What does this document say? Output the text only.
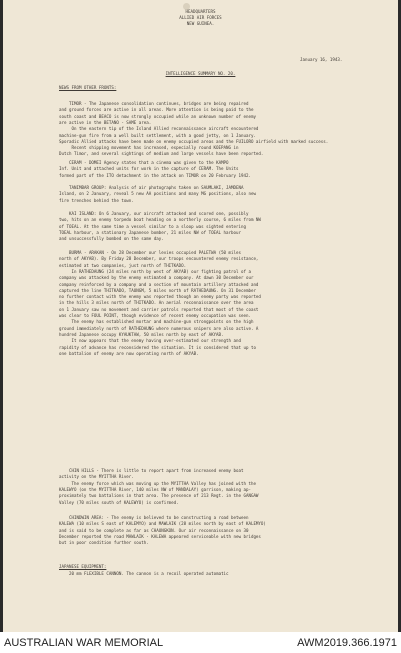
HEADQUARTERS
ALLIED AIR FORCES
NEW GUINEA.
January 16, 1943.
INTELLIGENCE SUMMARY NO. 20.
NEWS FROM OTHER FRONTS:
TIMOR - The Japanese consolidation continues, bridges are being repaired
and ground forces are active in all areas. More attention is being paid to the
south coast and BEACO is now strongly occupied while an unknown number of enemy
are active in the BETANO - SAME area.
On the eastern tip of the Island Allied reconnaissance aircraft encountered
machine-gun fire from a well built settlement, with a good jetty, on 1 January.
Sporadic Allied attacks have been made on enemy occupied areas and the FUILORO airfield with marked success.
Recent shipping movement has increased, especially round KOEPANG in
Dutch Timor, and several sightings of medium and large vessels have been reported.
CERAM - DOMEI Agency states that a cinema was given to the KAMPO
Inf. Unit and attached units for work in the capture of CERAM. The Units
formed part of the ITO detachment in the attack on TIMOR on 20 February 1942.
TANIMBAR GROUP: Analysis of air photographs taken on SAUMLAKI, JAMDENA
Island, on 2 January, reveal 5 new AA positions and many MG positions, also new
fire trenches behind the town.
KAI ISLAND: On 6 January, our aircraft attacked and scored one, possibly
two, hits on an enemy torpedo boat heading on a northerly course, 6 miles from NW
of TOEAL. At the same time a vessel similar to a sloop was sighted entering
TOEAL harbour, a stationary Japanese bomber, 21 miles NW of TOEAL harbour
and unsuccessfully bombed on the same day.
BURMA - ARAKAN - On 28 December our levies occupied PALETWA (50 miles
north of AKYAB). By Friday 28 December, our troops encountered enemy resistance,
estimated at two companies, just north of THITKADO.
In RATHEDAUNG (24 miles north by west of AKYAB) our fighting patrol of a
company was attacked by the enemy estimated a company. At dawn 30 December our
company reinforced by a company and a section of mountain artillery attacked and
captured the line THITKADO, TAUNGM, 5 miles north of RATHEDAUNG. On 31 December
no further contact with the enemy was reported though an enemy party was reported
in the hills 3 miles north of THITKADO. An aerial reconnaissance over the area
on 1 January saw no movement and carrier patrols reported that most of the coast
was clear to FOUL POINT, though evidence of recent enemy occupation was seen.
The enemy has established mortar and machine-gun strongpoints on the high
ground immediately north of RATHEDAUNG where numerous snipers are also active. A
hundred Japanese occupy KYAUKTAW, 50 miles north by east of AKYAB.
It now appears that the enemy having over-estimated our strength and
rapidity of advance has reconsidered the situation. It is considered that up to
one battalion of enemy are now operating north of AKYAB.
CHIN HILLS - There is little to report apart from increased enemy boat
activity on the MYITTHA River.
The enemy force which was moving up the MYITTHA Valley has joined with the
KALEWYO (on the MYITTHA River, 140 miles NW of MANDALAY) garrison, making ap-
proximately two battalions in that area. The presence of 213 Regt. in the GANGAW
Valley (70 miles south of KALEWYO) is confirmed.
CHINDWIN AREA: - The enemy is believed to be constructing a road between
KALEWA (10 miles S east of KALEMYO) and MAWLAIK (28 miles north by east of KALEMYO)
and is said to be complete as far as CHAUNGKON. Our air reconnaissance on 30
December reported the road MAWLAIK - KALEWA appeared serviceable with new bridges
but in poor condition further south.
JAPANESE EQUIPMENT:
20 mm FLEXIBLE CANNON. The cannon is a recoil operated automatic
AUSTRALIAN WAR MEMORIAL	AWM2019.366.1971
